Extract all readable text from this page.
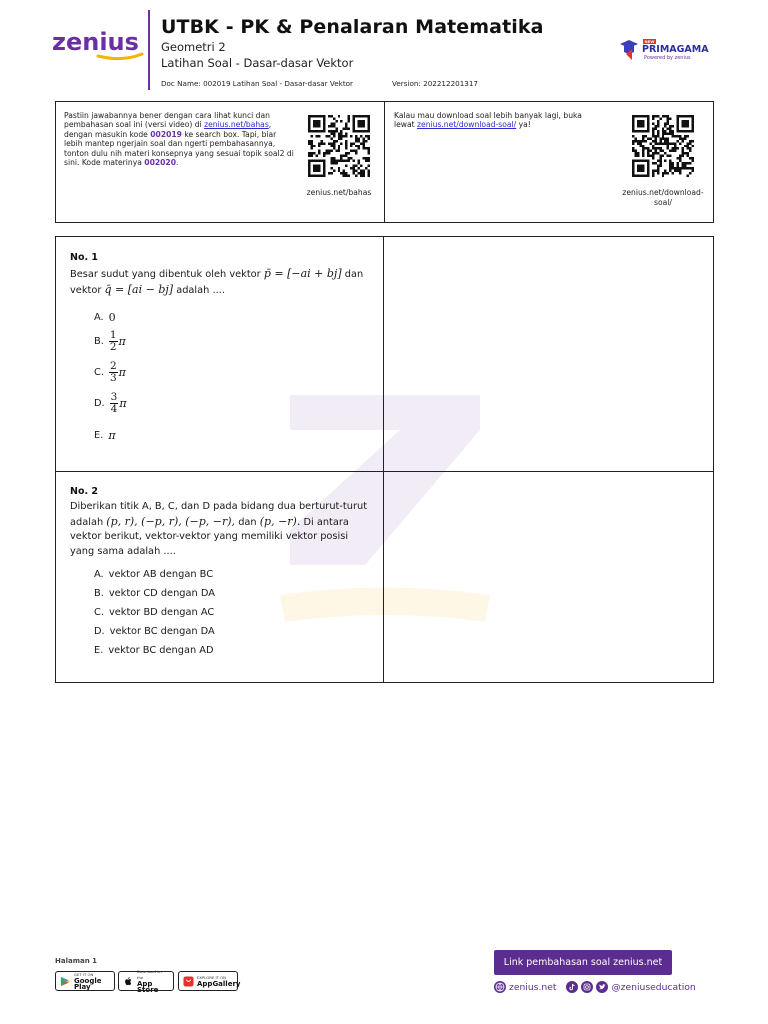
zenius
UTBK - PK & Penalaran Matematika
Geometri 2
Latihan Soal - Dasar-dasar Vektor
Doc Name: 002019 Latihan Soal - Dasar-dasar Vektor	Version: 202212201317
NEW
PRIMAGAMA
Powered by zenius
Pastiin jawabannya bener dengan cara lihat kunci dan pembahasan soal ini (versi video) di zenius.net/bahas, dengan masukin kode 002019 ke search box. Tapi, biar lebih mantep ngerjain soal dan ngerti pembahasannya, tonton dulu nih materi konsepnya yang sesuai topik soal2 di sini. Kode materinya 002020.
zenius.net/bahas
Kalau mau download soal lebih banyak lagi, buka lewat zenius.net/download-soal/ ya!
zenius.net/download-soal/
No. 1
Besar sudut yang dibentuk oleh vektor p̄ = [−ai + bj] dan vektor q̄ = [ai − bj] adalah ....
A. 0
B. $\frac{1}{2}$ π
C. $\frac{2}{3}$ π
D. $\frac{3}{4}$ π
E. π
No. 2
Diberikan titik A, B, C, dan D pada bidang dua berturut-turut adalah (p, r), (−p, r), (−p, −r), dan (p, −r). Di antara vektor berikut, vektor-vektor yang memiliki vektor posisi yang sama adalah ....
A. vektor AB dengan BC
B. vektor CD dengan DA
C. vektor BD dengan AC
D. vektor BC dengan DA
E. vektor BC dengan AD
Halaman 1
GET IT ON
Google Play
Download on the
App Store
EXPLORE IT ON
AppGallery
Link pembahasan soal zenius.net
zenius.net	@zeniuseducation
